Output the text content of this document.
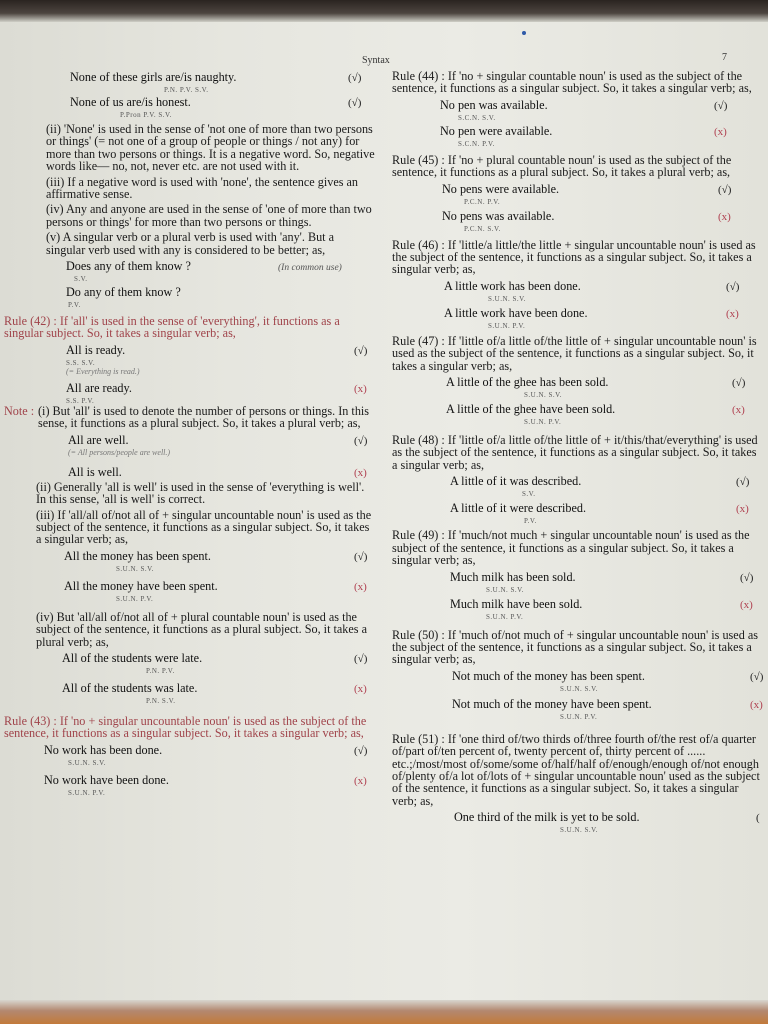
Syntax	7
None of these girls are/is naughty.
P.N. P.V. S.V.
(√)
None of us are/is honest.
P.Pron P.V. S.V.
(√)

(ii) 'None' is used in the sense of 'not one of more than two persons or things' (= not one of a group of people or things / not any) for more than two persons or things. It is a negative word. So, negative words like— no, not, never etc. are not used with it.

(iii) If a negative word is used with 'none', the sentence gives an affirmative sense.

(iv) Any and anyone are used in the sense of 'one of more than two persons or things' for more than two persons or things.

(v) A singular verb or a plural verb is used with 'any'. But a singular verb used with any is considered to be better; as,

Does any of them know ?
S.V.
(In common use)
Do any of them know ?
P.V.

Rule (42) : If 'all' is used in the sense of 'everything', it functions as a singular subject. So, it takes a singular verb; as,

All is ready.
S.S. S.V.
(= Everything is read.)
(√)
All are ready.
S.S. P.V.
(x)

Note : (i) But 'all' is used to denote the number of persons or things. In this sense, it functions as a plural subject. So, it takes a plural verb; as,

All are well.
(= All persons/people are well.)
(√)
All is well.	(x)

(ii) Generally 'all is well' is used in the sense of 'everything is well'. In this sense, 'all is well' is correct.

(iii) If 'all/all of/not all of + singular uncountable noun' is used as the subject of the sentence, it functions as a singular subject. So, it takes a singular verb; as,

All the money has been spent.
S.U.N. S.V.
(√)
All the money have been spent.
S.U.N. P.V.
(x)

(iv) But 'all/all of/not all of + plural countable noun' is used as the subject of the sentence, it functions as a plural subject. So, it takes a plural verb; as,

All of the students were late.
P.N. P.V.
(√)
All of the students was late.
P.N. S.V.
(x)

Rule (43) : If 'no + singular uncountable noun' is used as the subject of the sentence, it functions as a singular subject. So, it takes a singular verb; as,

No work has been done.
S.U.N. S.V.
(√)
No work have been done.
S.U.N. P.V.
(x)

Rule (44) : If 'no + singular countable noun' is used as the subject of the sentence, it functions as a singular subject. So, it takes a singular verb; as,

No pen was available.
S.C.N. S.V.
(√)
No pen were available.
S.C.N. P.V.
(x)

Rule (45) : If 'no + plural countable noun' is used as the subject of the sentence, it functions as a plural subject. So, it takes a plural verb; as,

No pens were available.
P.C.N. P.V.
(√)
No pens was available.
P.C.N. S.V.
(x)

Rule (46) : If 'little/a little/the little + singular uncountable noun' is used as the subject of the sentence, it functions as a singular subject. So, it takes a singular verb; as,

A little work has been done.
S.U.N. S.V.
(√)
A little work have been done.
S.U.N. P.V.
(x)

Rule (47) : If 'little of/a little of/the little of + singular uncountable noun' is used as the subject of the sentence, it functions as a singular subject. So, it takes a singular verb; as,

A little of the ghee has been sold.
S.U.N. S.V.
(√)
A little of the ghee have been sold.
S.U.N. P.V.
(x)

Rule (48) : If 'little of/a little of/the little of + it/this/that/everything' is used as the subject of the sentence, it functions as a singular subject. So, it takes a singular verb; as,

A little of it was described.
S.V.
(√)
A little of it were described.
P.V.
(x)

Rule (49) : If 'much/not much + singular uncountable noun' is used as the subject of the sentence, it functions as a singular subject. So, it takes a singular verb; as,

Much milk has been sold.
S.U.N. S.V.
(√)
Much milk have been sold.
S.U.N. P.V.
(x)

Rule (50) : If 'much of/not much of + singular uncountable noun' is used as the subject of the sentence, it functions as a singular subject. So, it takes a singular verb; as,

Not much of the money has been spent.
S.U.N. S.V.
(√)
Not much of the money have been spent.
S.U.N. P.V.
(x)

Rule (51) : If 'one third of/two thirds of/three fourth of/the rest of/a quarter of/part of/ten percent of, twenty percent of, thirty percent of ...... etc.;/most/most of/some/some of/half/half of/enough/enough of/not enough of/plenty of/a lot of/lots of + singular uncountable noun' used as the subject of the sentence, it functions as a singular subject. So, it takes a singular verb; as,

One third of the milk is yet to be sold.
S.U.N. S.V.
(
